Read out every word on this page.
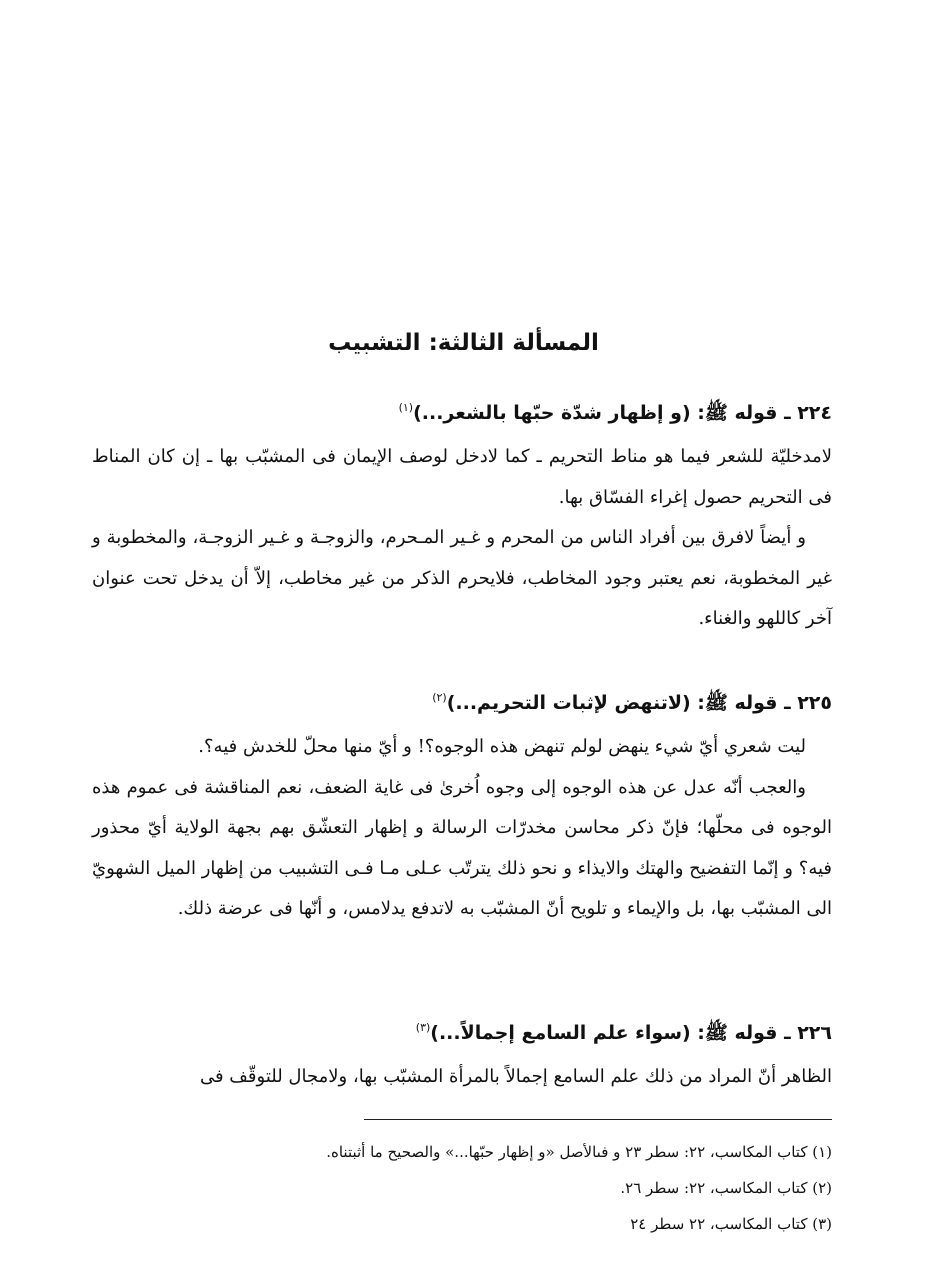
المسألة الثالثة: التشبيب

٢٢٤ ـ قوله ﷺ: (و إظهار شدّة حبّها بالشعر...)$^{(١)}$

لامدخليّة للشعر فيما هو مناط التحريم ـ كما لادخل لوصف الإيمان فى المشبّب بها ـ إن كان المناط فى التحريم حصول إغراء الفسّاق بها.

و أيضاً لافرق بين أفراد الناس من المحرم و غـير المـحرم، والزوجـة و غـير الزوجـة، والمخطوبة و غير المخطوبة، نعم يعتبر وجود المخاطب، فلايحرم الذكر من غير مخاطب، إلاّ أن يدخل تحت عنوان آخر كاللهو والغناء.

٢٢٥ ـ قوله ﷺ: (لاتنهض لإثبات التحريم...)$^{(٢)}$

ليت شعري أيّ شيء ينهض لولم تنهض هذه الوجوه؟! و أيّ منها محلّ للخدش فيه؟.

والعجب أنّه عدل عن هذه الوجوه إلى وجوه اُخرىٰ فى غاية الضعف، نعم المناقشة فى عموم هذه الوجوه فى محلّها؛ فإنّ ذكر محاسن مخدرّات الرسالة و إظهار التعشّق بهم بجهة الولاية أيّ محذور فيه؟ و إنّما التفضيح والهتك والايذاء و نحو ذلك يترتّب عـلى مـا فـى التشبيب من إظهار الميل الشهويّ الى المشبّب بها، بل والإيماء و تلويح أنّ المشبّب به لاتدفع يدلامس، و أنّها فى عرضة ذلك.

٢٢٦ ـ قوله ﷺ: (سواء علم السامع إجمالاً...)$^{(٣)}$

الظاهر أنّ المراد من ذلك علم السامع إجمالاً بالمرأة المشبّب بها، ولامجال للتوقّف فى

(١) كتاب المكاسب، ٢٢: سطر ٢٣ و فىالأصل «و إظهار حبّها...» والصحيح ما أثبتناه.
(٢) كتاب المكاسب، ٢٢: سطر ٢٦.
(٣) كتاب المكاسب، ٢٢ سطر ٢٤
